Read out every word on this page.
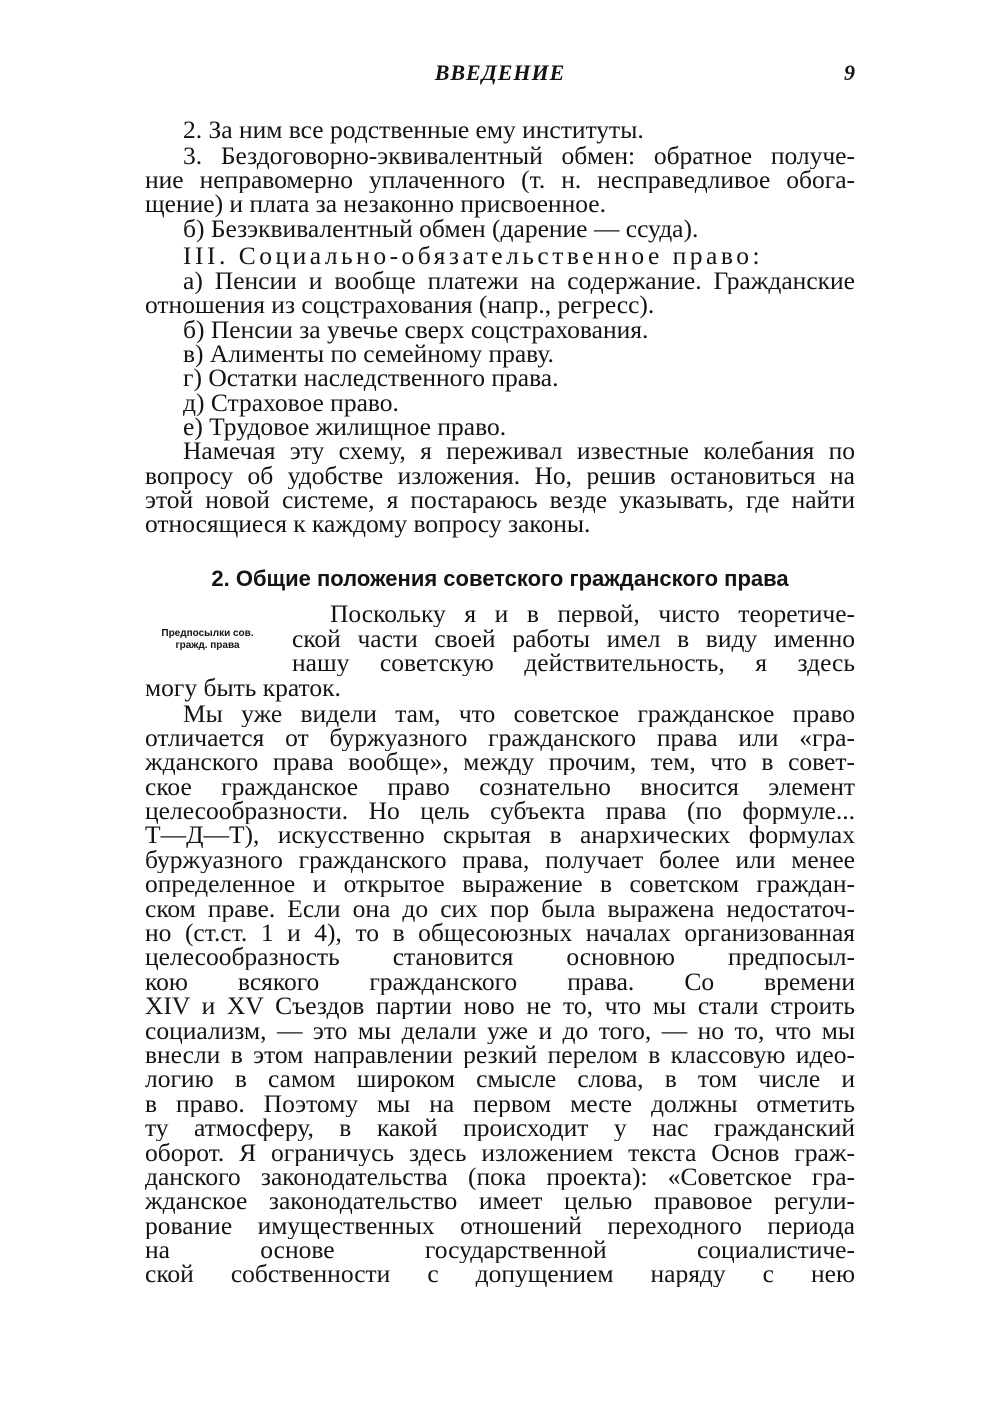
ВВЕДЕНИЕ	9
2. За ним все родственные ему институты.
3. Бездоговорно-эквивалентный обмен: обратное получе-
ние неправомерно уплаченного (т. н. несправедливое обога-
щение) и плата за незаконно присвоенное.
б) Безэквивалентный обмен (дарение — ссуда).
III. Социально-обязательственное право:
а) Пенсии и вообще платежи на содержание. Гражданские
отношения из соцстрахования (напр., регресс).
б) Пенсии за увечье сверх соцстрахования.
в) Алименты по семейному праву.
г) Остатки наследственного права.
д) Страховое право.
е) Трудовое жилищное право.
Намечая эту схему, я переживал известные колебания по
вопросу об удобстве изложения. Но, решив остановиться на
этой новой системе, я постараюсь везде указывать, где найти
относящиеся к каждому вопросу законы.
2. Общие положения советского гражданского права
Предпосылки сов.
гражд. права
Поскольку я и в первой, чисто теоретиче-
ской части своей работы имел в виду именно
нашу советскую действительность, я здесь
могу быть краток.
Мы уже видели там, что советское гражданское право
отличается от буржуазного гражданского права или «гра-
жданского права вообще», между прочим, тем, что в совет-
ское гражданское право сознательно вносится элемент
целесообразности. Но цель субъекта права (по формуле...
Т—Д—Т), искусственно скрытая в анархических формулах
буржуазного гражданского права, получает более или менее
определенное и открытое выражение в советском граждан-
ском праве. Если она до сих пор была выражена недостаточ-
но (ст.ст. 1 и 4), то в общесоюзных началах организованная
целесообразность становится основною предпосыл-
кою всякого гражданского права. Со времени
XIV и XV Съездов партии ново не то, что мы стали строить
социализм, — это мы делали уже и до того, — но то, что мы
внесли в этом направлении резкий перелом в классовую идео-
логию в самом широком смысле слова, в том числе и
в право. Поэтому мы на первом месте должны отметить
ту атмосферу, в какой происходит у нас гражданский
оборот. Я ограничусь здесь изложением текста Основ граж-
данского законодательства (пока проекта): «Советское гра-
жданское законодательство имеет целью правовое регули-
рование имущественных отношений переходного периода
на основе государственной социалистиче-
ской собственности с допущением наряду с нею
